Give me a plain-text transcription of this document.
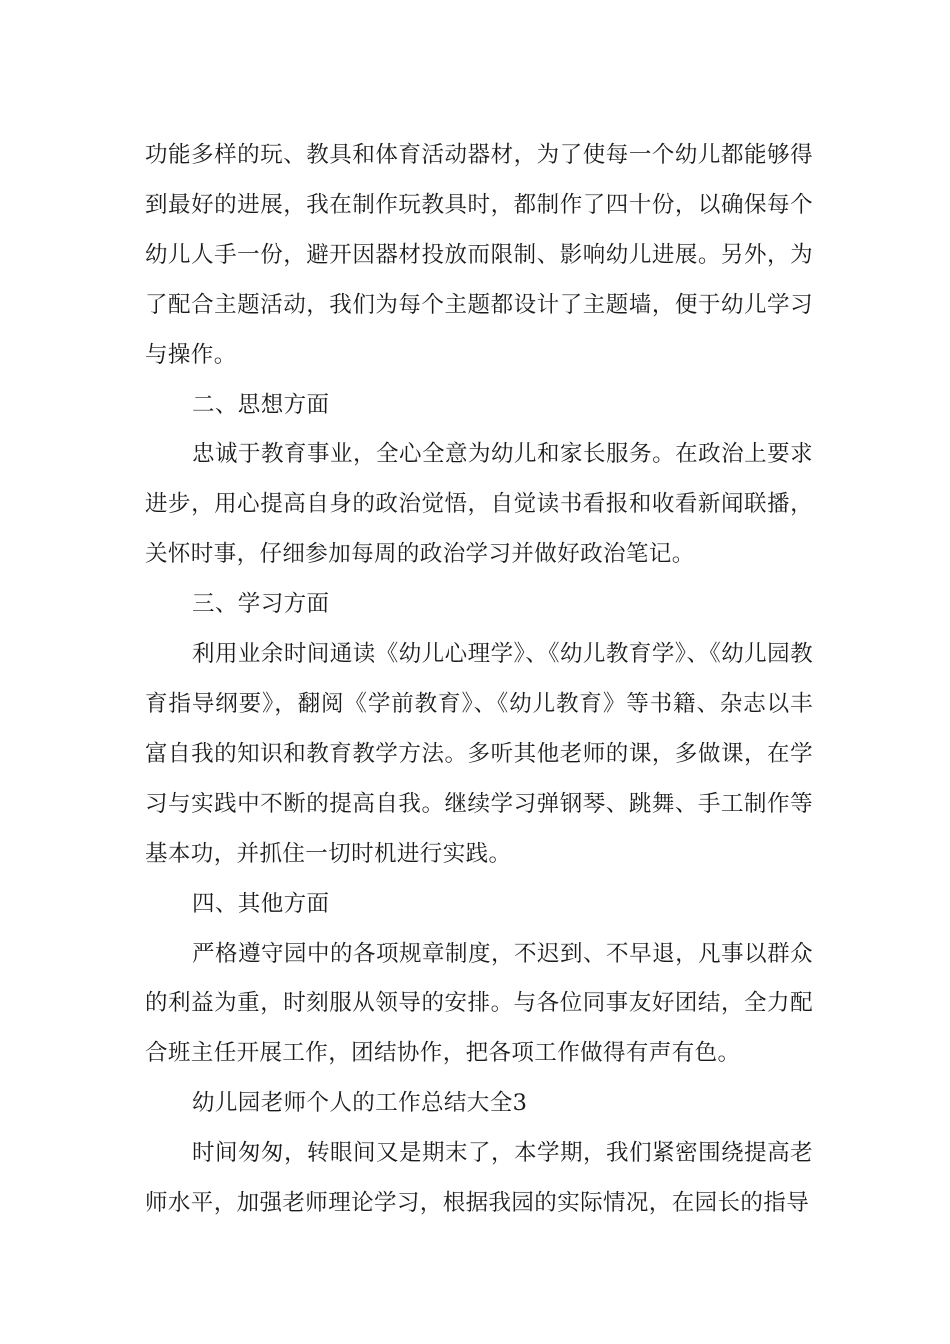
功能多样的玩、教具和体育活动器材，为了使每一个幼儿都能够得到最好的进展，我在制作玩教具时，都制作了四十份，以确保每个幼儿人手一份，避开因器材投放而限制、影响幼儿进展。另外，为了配合主题活动，我们为每个主题都设计了主题墙，便于幼儿学习与操作。

二、思想方面

忠诚于教育事业，全心全意为幼儿和家长服务。在政治上要求进步，用心提高自身的政治觉悟，自觉读书看报和收看新闻联播，关怀时事，仔细参加每周的政治学习并做好政治笔记。

三、学习方面

利用业余时间通读《幼儿心理学》、《幼儿教育学》、《幼儿园教育指导纲要》，翻阅《学前教育》、《幼儿教育》等书籍、杂志以丰富自我的知识和教育教学方法。多听其他老师的课，多做课，在学习与实践中不断的提高自我。继续学习弹钢琴、跳舞、手工制作等基本功，并抓住一切时机进行实践。

四、其他方面

严格遵守园中的各项规章制度，不迟到、不早退，凡事以群众的利益为重，时刻服从领导的安排。与各位同事友好团结，全力配合班主任开展工作，团结协作，把各项工作做得有声有色。

幼儿园老师个人的工作总结大全3

时间匆匆，转眼间又是期末了，本学期，我们紧密围绕提高老师水平，加强老师理论学习，根据我园的实际情况，在园长的指导
